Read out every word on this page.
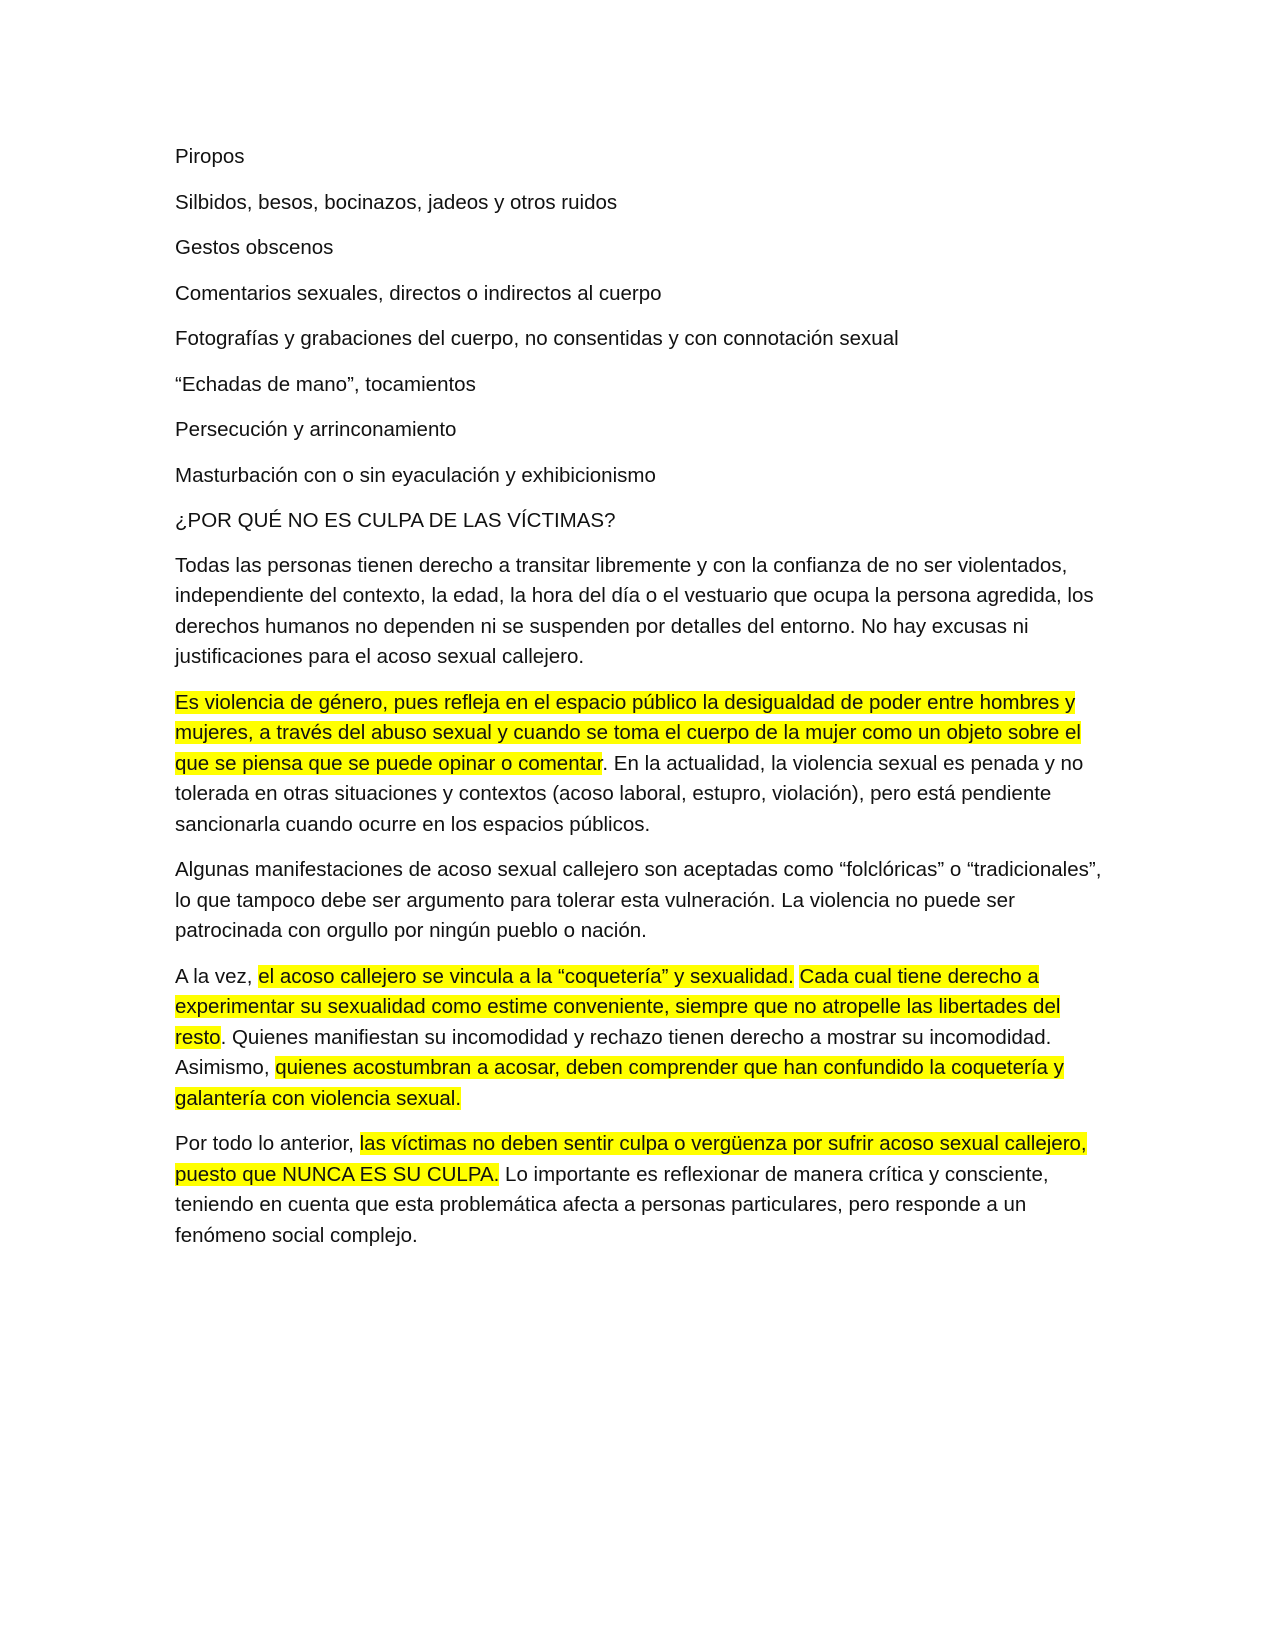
Piropos

Silbidos, besos, bocinazos, jadeos y otros ruidos

Gestos obscenos

Comentarios sexuales, directos o indirectos al cuerpo

Fotografías y grabaciones del cuerpo, no consentidas y con connotación sexual

“Echadas de mano”, tocamientos

Persecución y arrinconamiento

Masturbación con o sin eyaculación y exhibicionismo

¿POR QUÉ NO ES CULPA DE LAS VÍCTIMAS?

Todas las personas tienen derecho a transitar libremente y con la confianza de no ser violentados, independiente del contexto, la edad, la hora del día o el vestuario que ocupa la persona agredida, los derechos humanos no dependen ni se suspenden por detalles del entorno. No hay excusas ni justificaciones para el acoso sexual callejero.

Es violencia de género, pues refleja en el espacio público la desigualdad de poder entre hombres y mujeres, a través del abuso sexual y cuando se toma el cuerpo de la mujer como un objeto sobre el que se piensa que se puede opinar o comentar. En la actualidad, la violencia sexual es penada y no tolerada en otras situaciones y contextos (acoso laboral, estupro, violación), pero está pendiente sancionarla cuando ocurre en los espacios públicos.

Algunas manifestaciones de acoso sexual callejero son aceptadas como “folclóricas” o “tradicionales”, lo que tampoco debe ser argumento para tolerar esta vulneración. La violencia no puede ser patrocinada con orgullo por ningún pueblo o nación.

A la vez, el acoso callejero se vincula a la “coquetería” y sexualidad. Cada cual tiene derecho a experimentar su sexualidad como estime conveniente, siempre que no atropelle las libertades del resto. Quienes manifiestan su incomodidad y rechazo tienen derecho a mostrar su incomodidad. Asimismo, quienes acostumbran a acosar, deben comprender que han confundido la coquetería y galantería con violencia sexual.

Por todo lo anterior, las víctimas no deben sentir culpa o vergüenza por sufrir acoso sexual callejero, puesto que NUNCA ES SU CULPA. Lo importante es reflexionar de manera crítica y consciente, teniendo en cuenta que esta problemática afecta a personas particulares, pero responde a un fenómeno social complejo.
